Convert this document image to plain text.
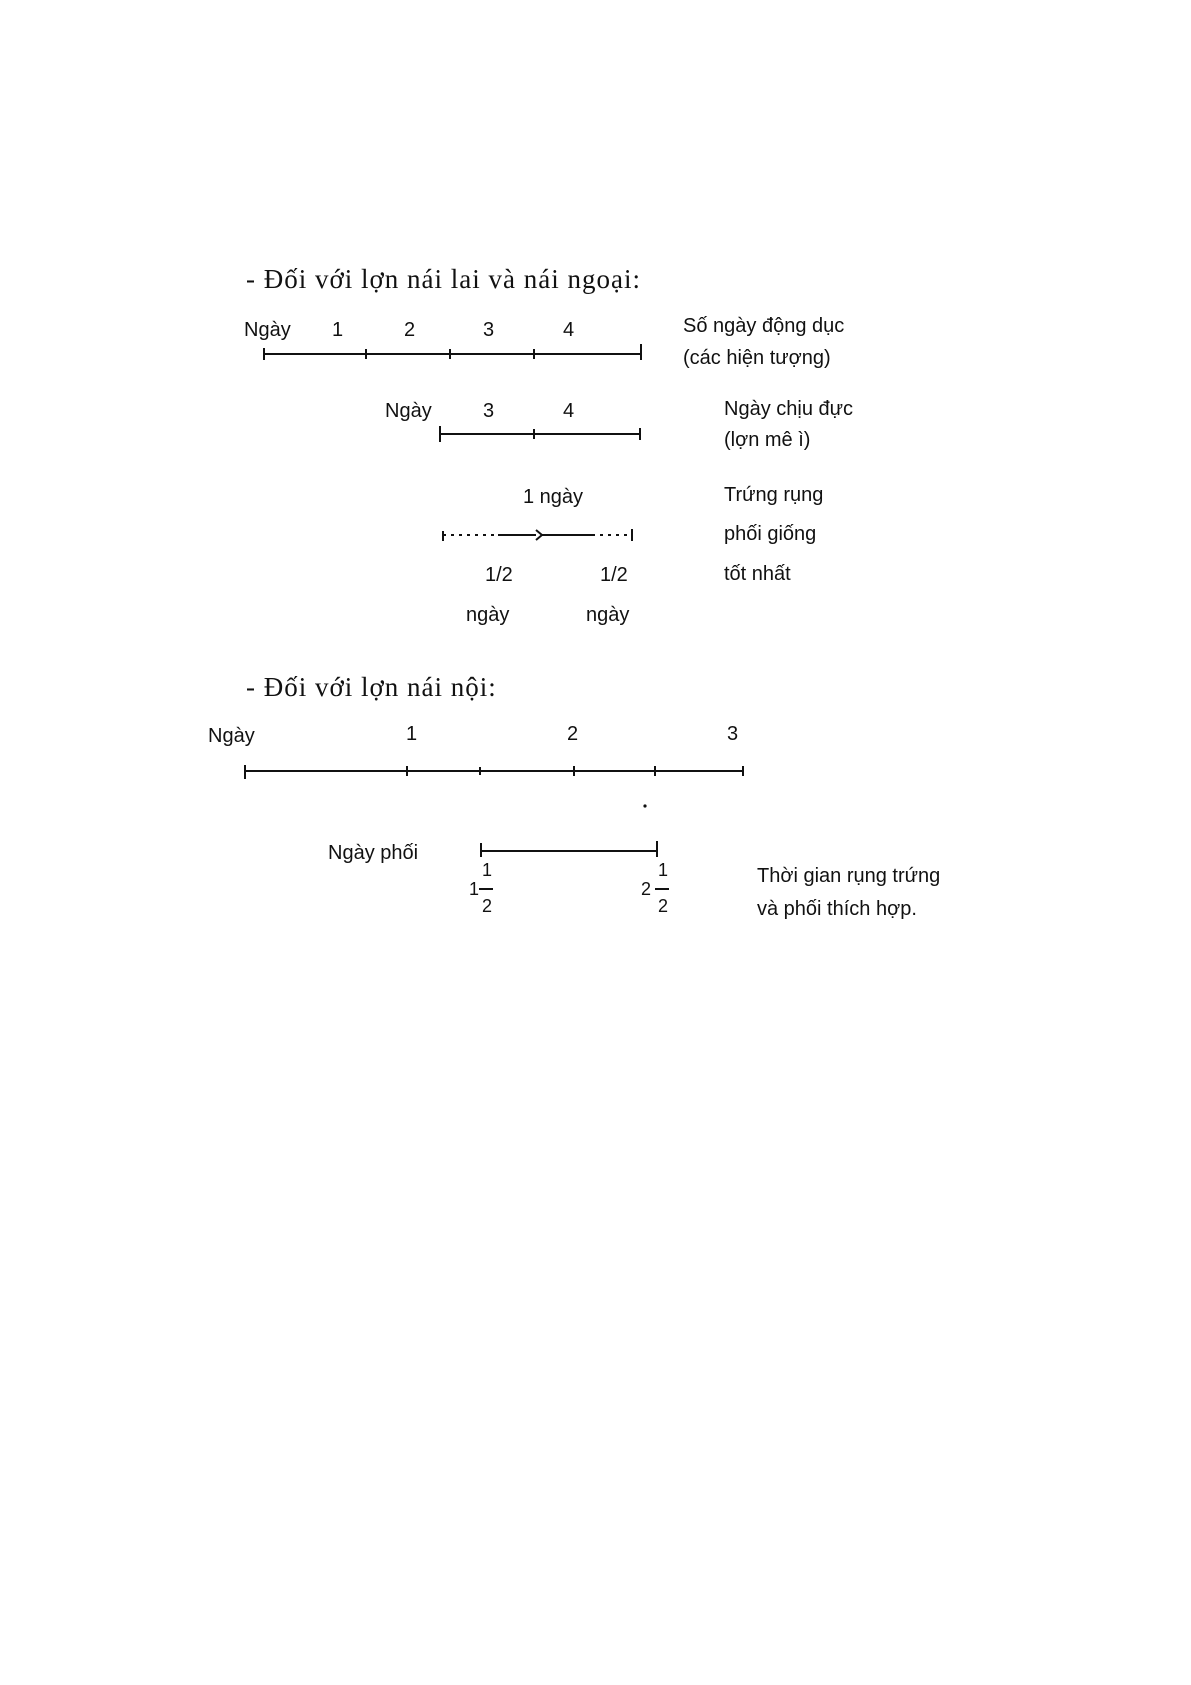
- Đối với lợn nái lai và nái ngoại:
Ngày 1	2	3	4	Số ngày động dục
(các hiện tượng)
Ngày	3	4	Ngày chịu đực
(lợn mê ì)
1 ngày
1/2	1/2
ngày	ngày
Trứng rụng
phối giống
tốt nhất
- Đối với lợn nái nội:
Ngày	1	2	3
Ngày phối
1
1
2
1
2
2
Thời gian rụng trứng
và phối thích hợp.
